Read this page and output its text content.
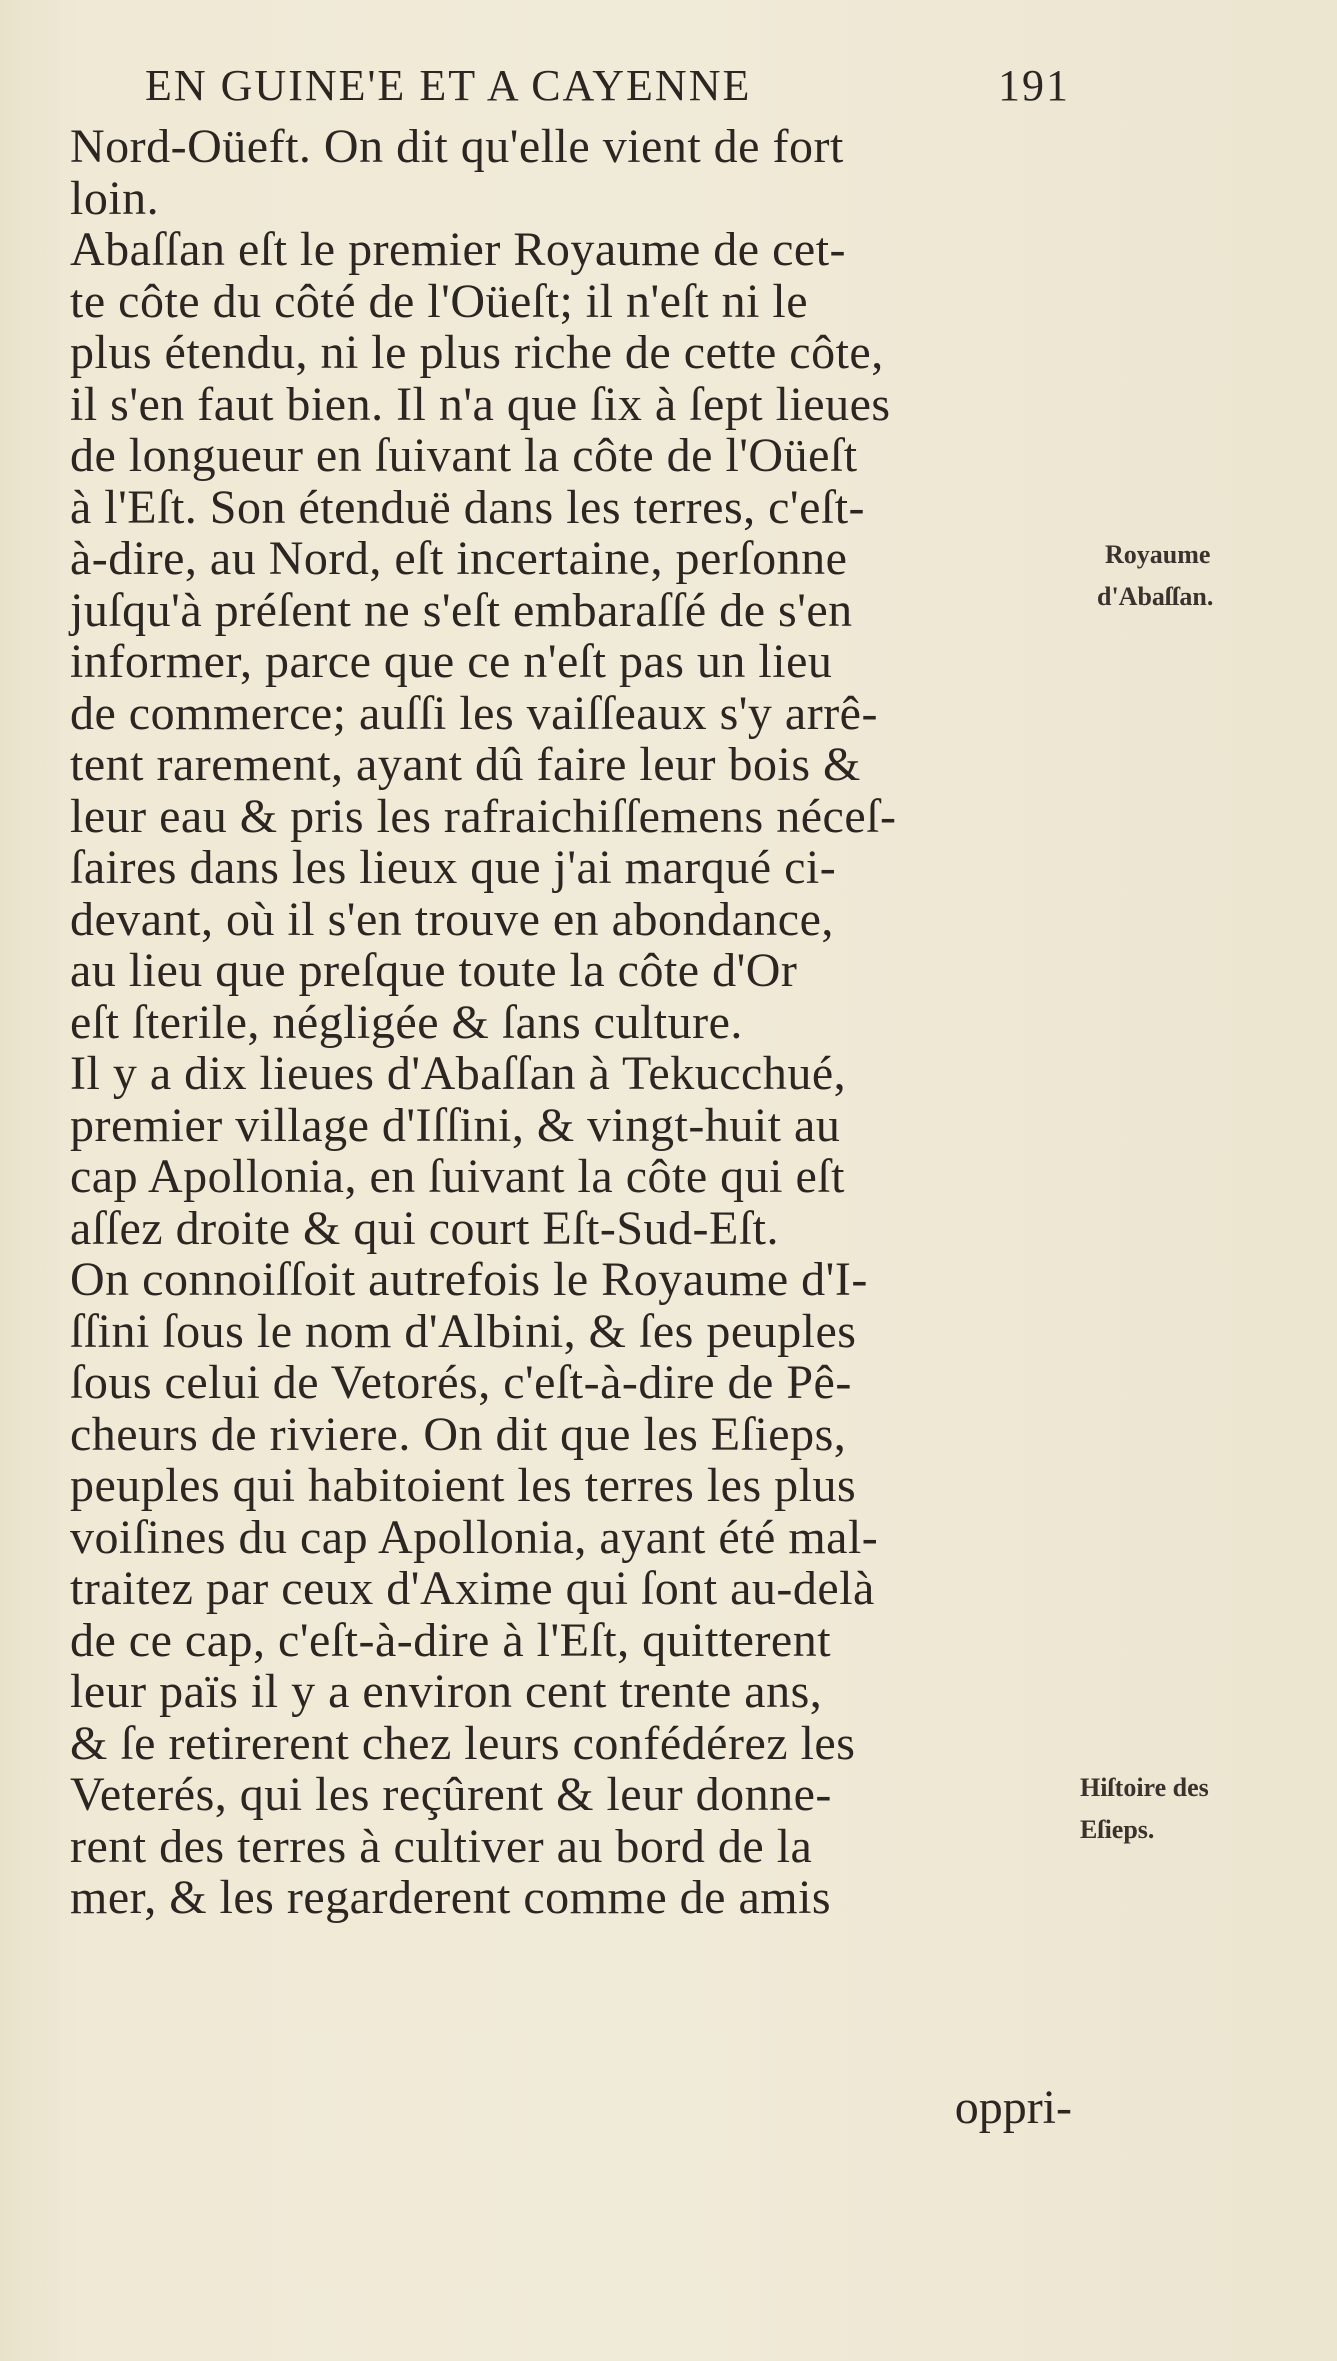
EN GUINE'E ET A CAYENNE	191
Nord-Oüeft. On dit qu'elle vient de fort
loin.
Abaſſan eſt le premier Royaume de cet-
te côte du côté de l'Oüeſt; il n'eſt ni le
plus étendu, ni le plus riche de cette côte,
il s'en faut bien. Il n'a que ſix à ſept lieues
de longueur en ſuivant la côte de l'Oüeſt
à l'Eſt. Son étenduë dans les terres, c'eſt-
à-dire, au Nord, eſt incertaine, perſonne
juſqu'à préſent ne s'eſt embaraſſé de s'en
informer, parce que ce n'eſt pas un lieu
de commerce; auſſi les vaiſſeaux s'y arrê-
tent rarement, ayant dû faire leur bois &
leur eau & pris les rafraichiſſemens néceſ-
ſaires dans les lieux que j'ai marqué ci-
devant, où il s'en trouve en abondance,
au lieu que preſque toute la côte d'Or
eſt ſterile, négligée & ſans culture.
Il y a dix lieues d'Abaſſan à Tekucchué,
premier village d'Iſſini, & vingt-huit au
cap Apollonia, en ſuivant la côte qui eſt
aſſez droite & qui court Eſt-Sud-Eſt.
On connoiſſoit autrefois le Royaume d'I-
ſſini ſous le nom d'Albini, & ſes peuples
ſous celui de Vetorés, c'eſt-à-dire de Pê-
cheurs de riviere. On dit que les Eſieps,
peuples qui habitoient les terres les plus
voiſines du cap Apollonia, ayant été mal-
traitez par ceux d'Axime qui ſont au-delà
de ce cap, c'eſt-à-dire à l'Eſt, quitterent
leur païs il y a environ cent trente ans,
& ſe retirerent chez leurs confédérez les
Veterés, qui les reçûrent & leur donne-
rent des terres à cultiver au bord de la
mer, & les regarderent comme de amis
Royaume
d'Abaſſan.
Hiſtoire des
Eſieps.
oppri-
